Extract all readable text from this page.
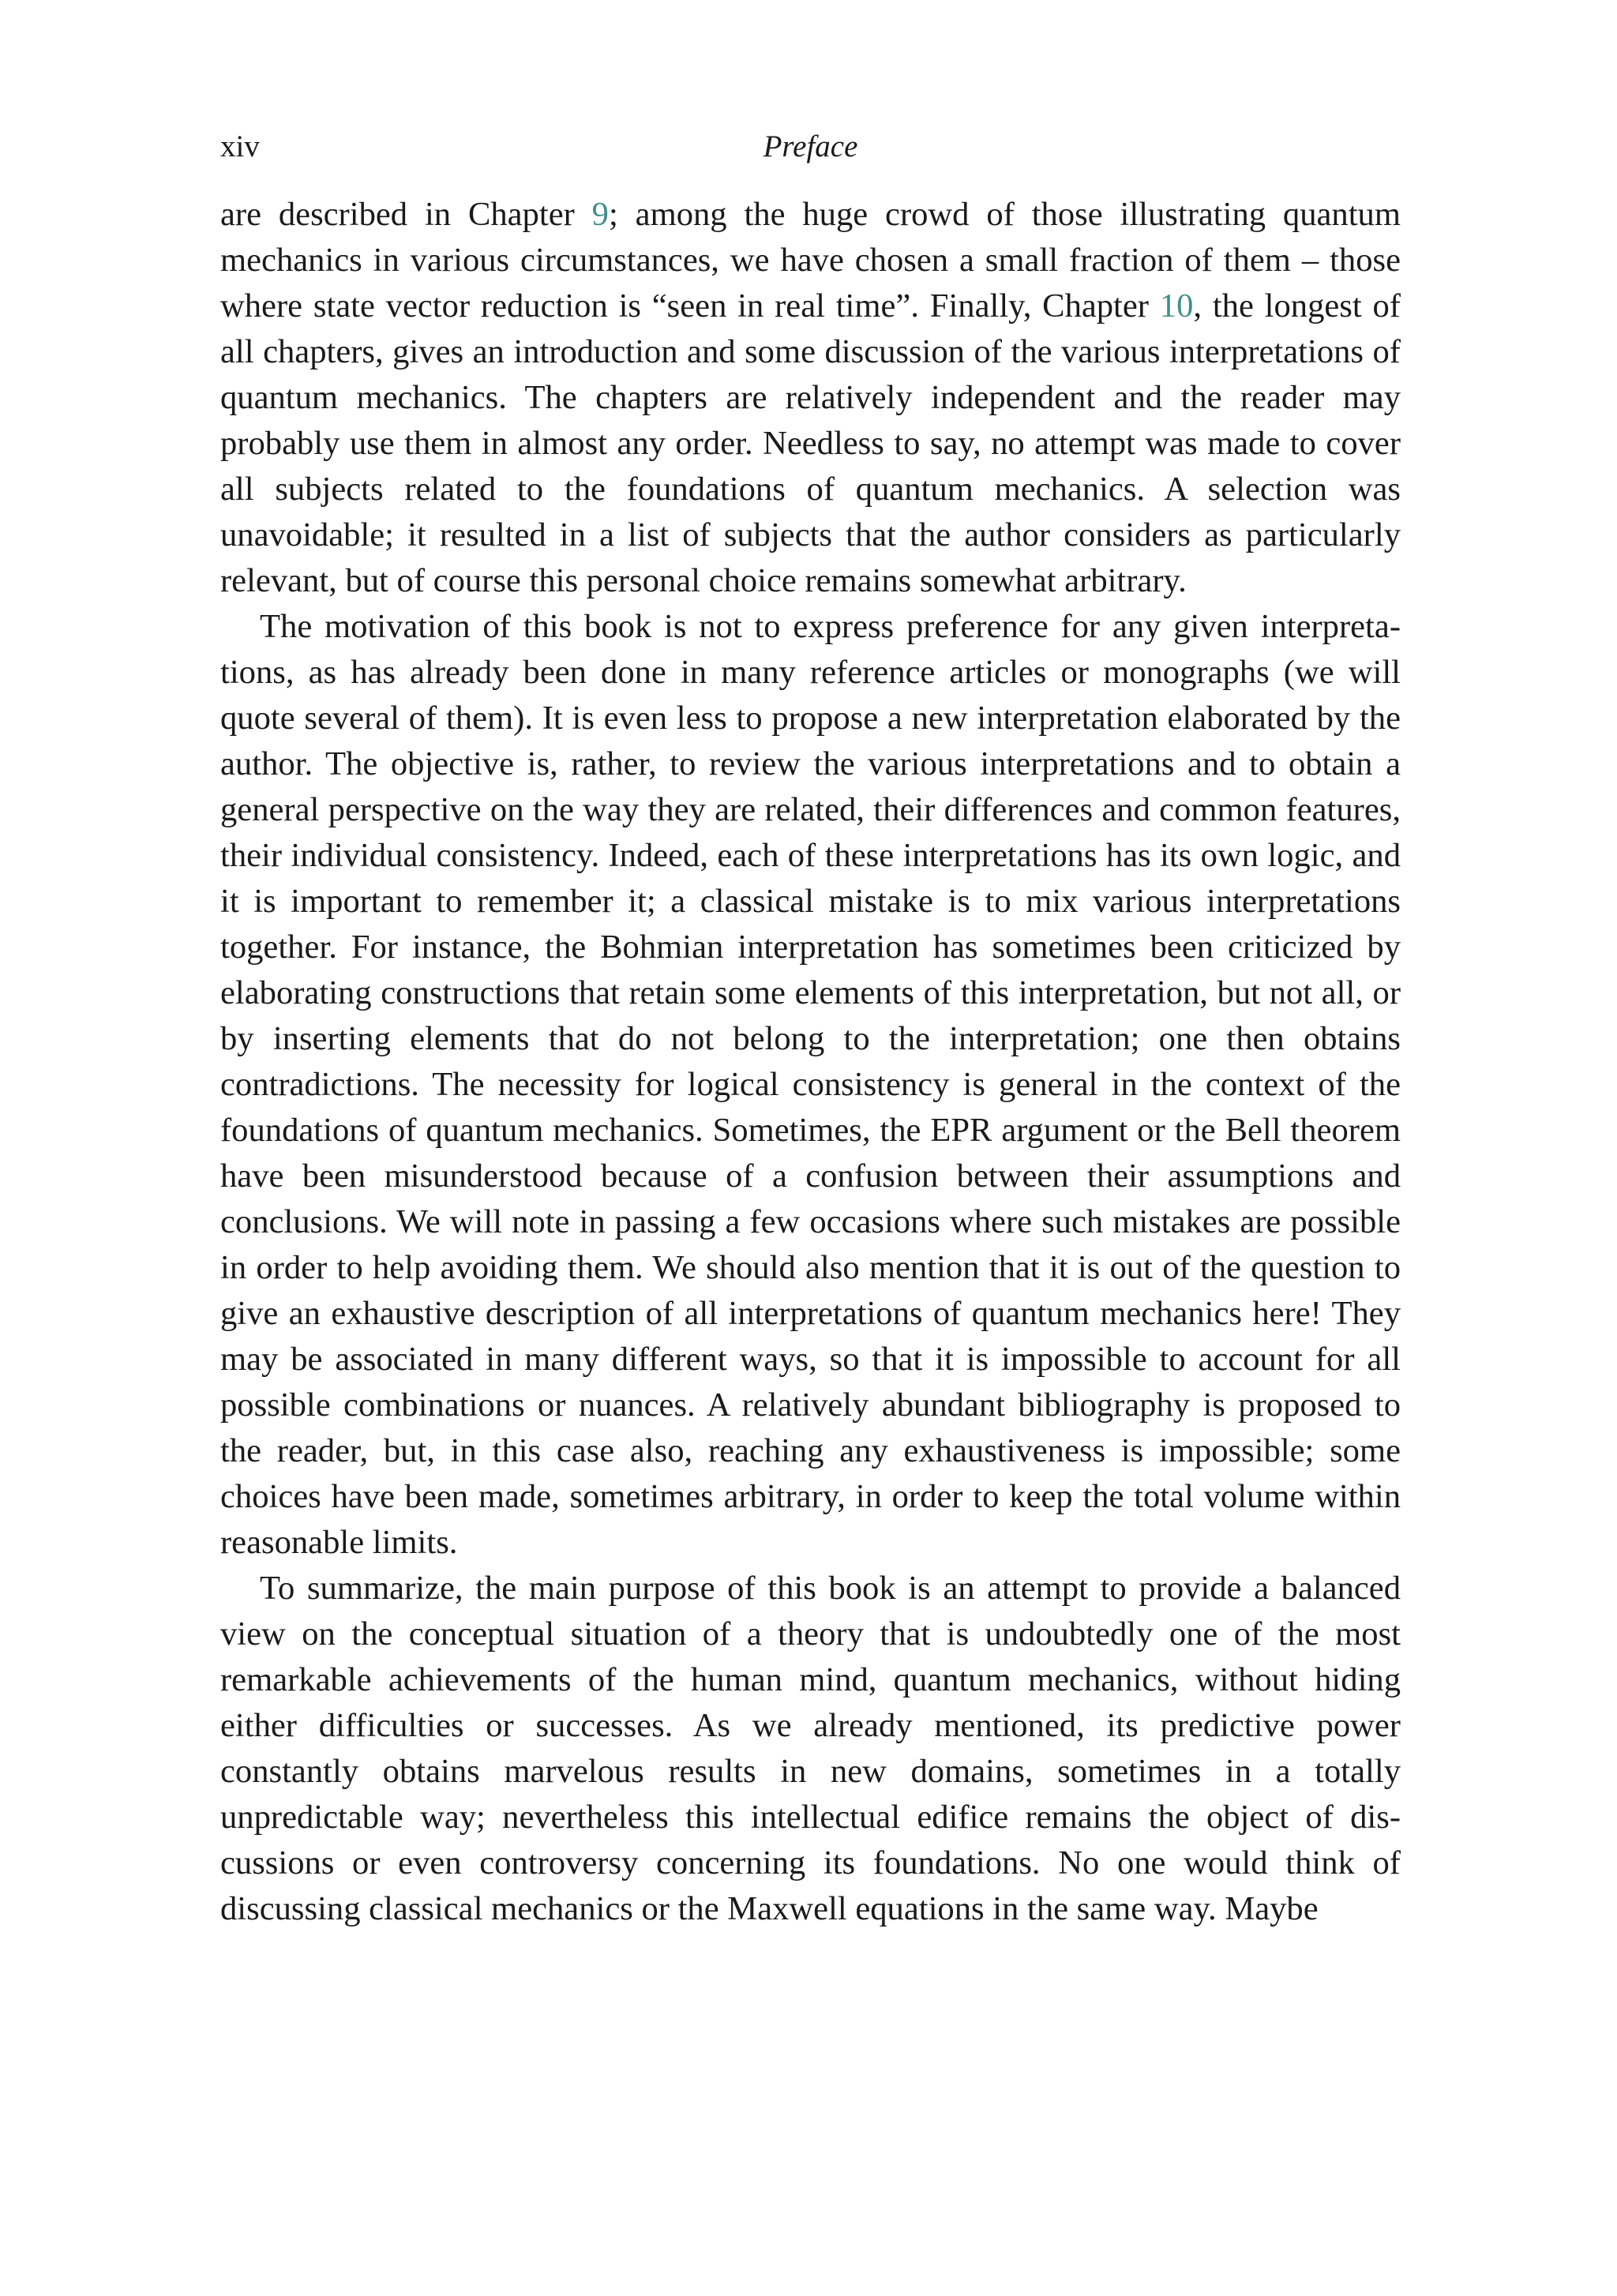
xiv	Preface

are described in Chapter 9; among the huge crowd of those illustrating quantum mechanics in various circumstances, we have chosen a small fraction of them – those where state vector reduction is “seen in real time”. Finally, Chapter 10, the longest of all chapters, gives an introduction and some discussion of the various interpretations of quantum mechanics. The chapters are relatively independent and the reader may probably use them in almost any order. Needless to say, no attempt was made to cover all subjects related to the foundations of quantum mechanics. A selection was unavoidable; it resulted in a list of subjects that the author considers as particularly relevant, but of course this personal choice remains somewhat arbitrary.

The motivation of this book is not to express preference for any given interpretations, as has already been done in many reference articles or monographs (we will quote several of them). It is even less to propose a new interpretation elaborated by the author. The objective is, rather, to review the various interpretations and to obtain a general perspective on the way they are related, their differences and common features, their individual consistency. Indeed, each of these interpretations has its own logic, and it is important to remember it; a classical mistake is to mix various interpretations together. For instance, the Bohmian interpretation has sometimes been criticized by elaborating constructions that retain some elements of this interpretation, but not all, or by inserting elements that do not belong to the interpretation; one then obtains contradictions. The necessity for logical consistency is general in the context of the foundations of quantum mechanics. Sometimes, the EPR argument or the Bell theorem have been misunderstood because of a confusion between their assumptions and conclusions. We will note in passing a few occasions where such mistakes are possible in order to help avoiding them. We should also mention that it is out of the question to give an exhaustive description of all interpretations of quantum mechanics here! They may be associated in many different ways, so that it is impossible to account for all possible combinations or nuances. A relatively abundant bibliography is proposed to the reader, but, in this case also, reaching any exhaustiveness is impossible; some choices have been made, sometimes arbitrary, in order to keep the total volume within reasonable limits.

To summarize, the main purpose of this book is an attempt to provide a balanced view on the conceptual situation of a theory that is undoubtedly one of the most remarkable achievements of the human mind, quantum mechanics, without hiding either difficulties or successes. As we already mentioned, its predictive power constantly obtains marvelous results in new domains, sometimes in a totally unpredictable way; nevertheless this intellectual edifice remains the object of discussions or even controversy concerning its foundations. No one would think of discussing classical mechanics or the Maxwell equations in the same way. Maybe
